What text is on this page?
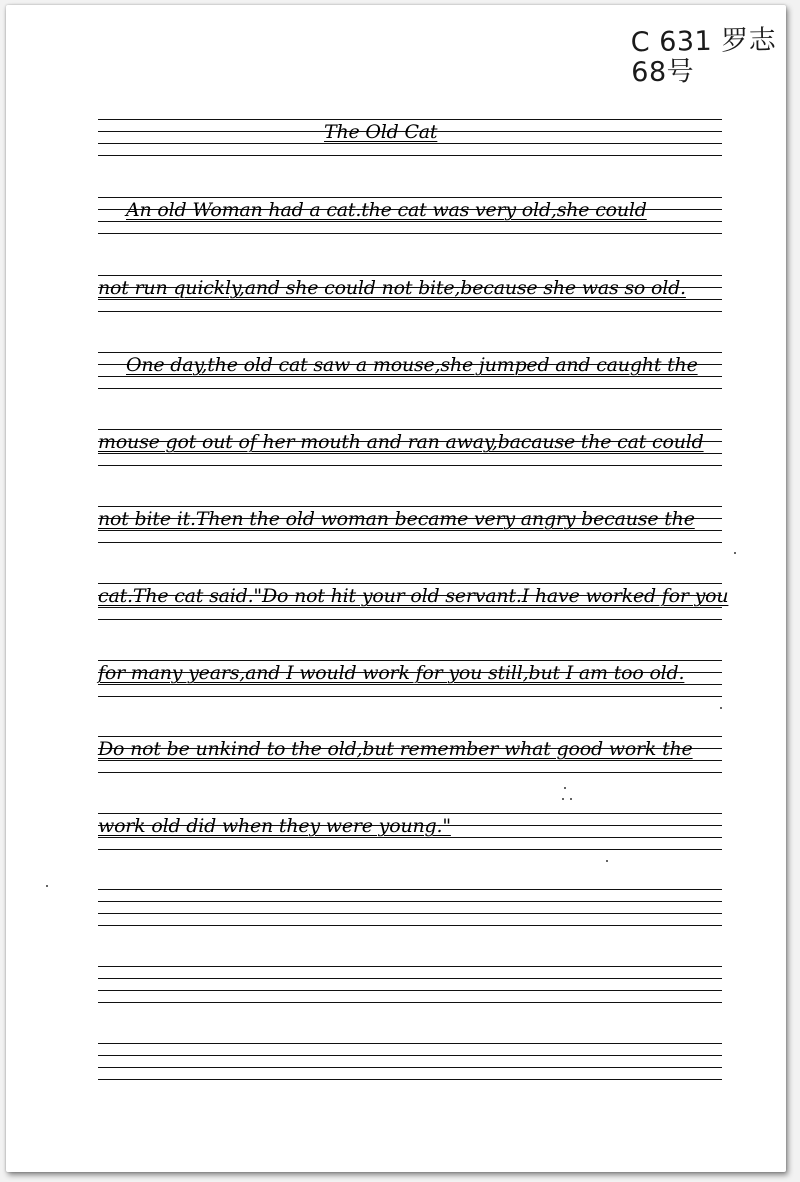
C 631 罗志
68号
The Old Cat
An old Woman had a cat.the cat was very old,she could
not run quickly,and she could not bite,because she was so old.
One day,the old cat saw a mouse,she jumped and caught the
mouse got out of her mouth and ran away,bacause the cat could
not bite it.Then the old woman became very angry because the
cat.The cat said."Do not hit your old servant.I have worked for you
for many years,and I would work for you still,but I am too old.
Do not be unkind to the old,but remember what good work the
work old did when they were young."
